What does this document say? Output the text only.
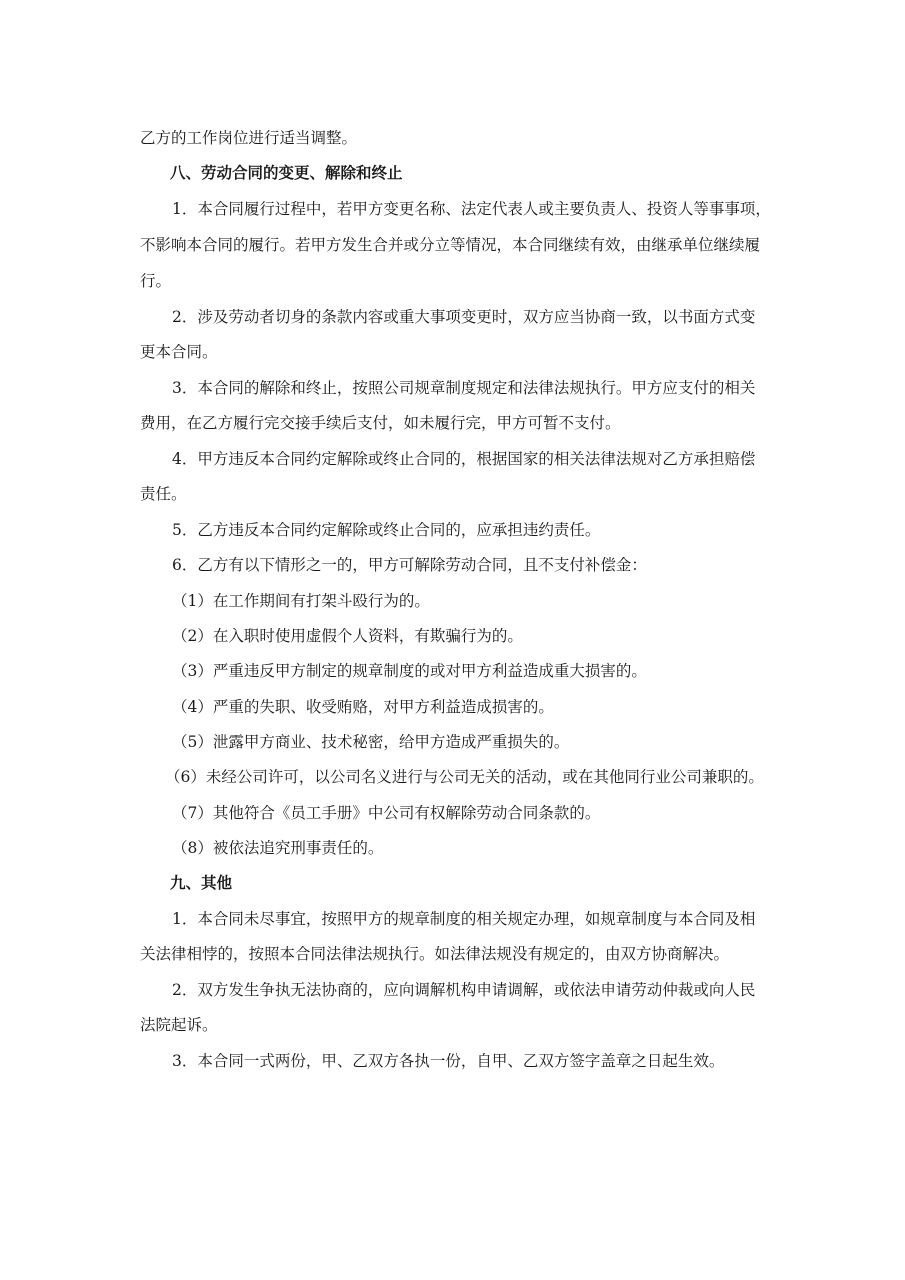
乙方的工作岗位进行适当调整。
八、劳动合同的变更、解除和终止
1．本合同履行过程中，若甲方变更名称、法定代表人或主要负责人、投资人等事事项，
不影响本合同的履行。若甲方发生合并或分立等情况，本合同继续有效，由继承单位继续履
行。
2．涉及劳动者切身的条款内容或重大事项变更时，双方应当协商一致，以书面方式变
更本合同。
3．本合同的解除和终止，按照公司规章制度规定和法律法规执行。甲方应支付的相关
费用，在乙方履行完交接手续后支付，如未履行完，甲方可暂不支付。
4．甲方违反本合同约定解除或终止合同的，根据国家的相关法律法规对乙方承担赔偿
责任。
5．乙方违反本合同约定解除或终止合同的，应承担违约责任。
6．乙方有以下情形之一的，甲方可解除劳动合同，且不支付补偿金：
（1）在工作期间有打架斗殴行为的。
（2）在入职时使用虚假个人资料，有欺骗行为的。
（3）严重违反甲方制定的规章制度的或对甲方利益造成重大损害的。
（4）严重的失职、收受贿赂，对甲方利益造成损害的。
（5）泄露甲方商业、技术秘密，给甲方造成严重损失的。
（6）未经公司许可，以公司名义进行与公司无关的活动，或在其他同行业公司兼职的。
（7）其他符合《员工手册》中公司有权解除劳动合同条款的。
（8）被依法追究刑事责任的。
九、其他
1．本合同未尽事宜，按照甲方的规章制度的相关规定办理，如规章制度与本合同及相
关法律相悖的，按照本合同法律法规执行。如法律法规没有规定的，由双方协商解决。
2．双方发生争执无法协商的，应向调解机构申请调解，或依法申请劳动仲裁或向人民
法院起诉。
3．本合同一式两份，甲、乙双方各执一份，自甲、乙双方签字盖章之日起生效。
